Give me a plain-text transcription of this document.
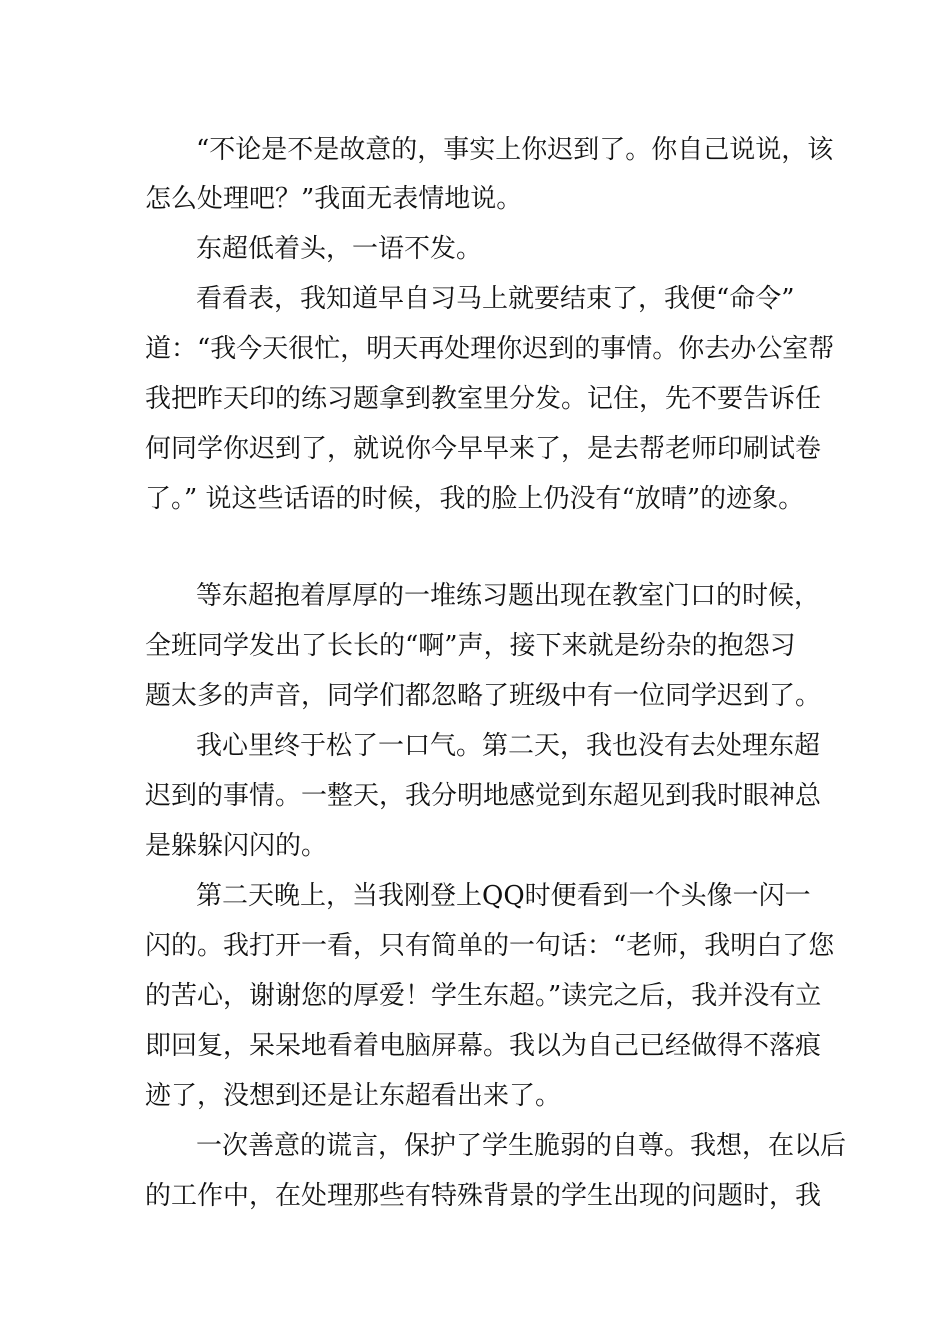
“不论是不是故意的，事实上你迟到了。你自己说说，该
怎么处理吧？”我面无表情地说。
东超低着头，一语不发。
看看表，我知道早自习马上就要结束了，我便“命令”
道：“我今天很忙，明天再处理你迟到的事情。你去办公室帮
我把昨天印的练习题拿到教室里分发。记住，先不要告诉任
何同学你迟到了，就说你今早早来了，是去帮老师印刷试卷
了。” 说这些话语的时候，我的脸上仍没有“放晴”的迹象。
等东超抱着厚厚的一堆练习题出现在教室门口的时候，
全班同学发出了长长的“啊”声，接下来就是纷杂的抱怨习
题太多的声音，同学们都忽略了班级中有一位同学迟到了。
我心里终于松了一口气。第二天，我也没有去处理东超
迟到的事情。一整天，我分明地感觉到东超见到我时眼神总
是躲躲闪闪的。
第二天晚上，当我刚登上QQ时便看到一个头像一闪一
闪的。我打开一看，只有简单的一句话：“老师，我明白了您
的苦心，谢谢您的厚爱！学生东超。”读完之后，我并没有立
即回复，呆呆地看着电脑屏幕。我以为自己已经做得不落痕
迹了，没想到还是让东超看出来了。
一次善意的谎言，保护了学生脆弱的自尊。我想，在以后
的工作中，在处理那些有特殊背景的学生出现的问题时，我
